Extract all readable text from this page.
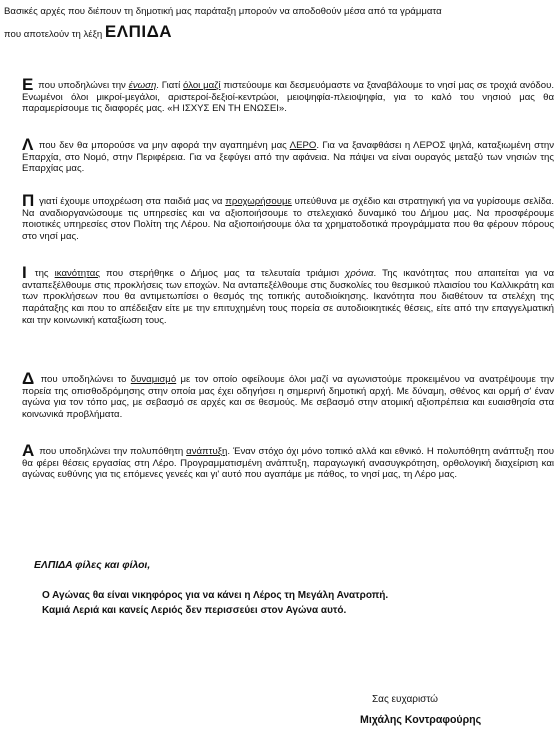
Βασικές αρχές που διέπουν τη δημοτική μας παράταξη μπορούν να αποδοθούν μέσα από τα γράμματα
που αποτελούν τη λέξη ΕΛΠΙΔΑ
Ε που υποδηλώνει την ένωση. Γιατί όλοι μαζί πιστεύουμε και δεσμευόμαστε να ξαναβάλουμε το νησί μας σε τροχιά ανόδου. Ενωμένοι όλοι μικροί-μεγάλοι, αριστεροί-δεξιοί-κεντρώοι, μειοψηφία-πλειοψηφία, για το καλό του νησιού μας θα παραμερίσουμε τις διαφορές μας. «Η ΙΣΧΥΣ ΕΝ ΤΗ ΕΝΩΣΕΙ».
Λ που δεν θα μπορούσε να μην αφορά την αγαπημένη μας ΛΕΡΟ. Για να ξαναφθάσει η ΛΕΡΟΣ ψηλά, καταξιωμένη στην Επαρχία, στο Νομό, στην Περιφέρεια. Για να ξεφύγει από την αφάνεια. Να πάψει να είναι ουραγός μεταξύ των νησιών της Επαρχίας μας.
Π γιατί έχουμε υποχρέωση στα παιδιά μας να προχωρήσουμε υπεύθυνα με σχέδιο και στρατηγική για να γυρίσουμε σελίδα. Να αναδιοργανώσουμε τις υπηρεσίες και να αξιοποιήσουμε το στελεχιακό δυναμικό του Δήμου μας. Να προσφέρουμε ποιοτικές υπηρεσίες στον Πολίτη της Λέρου. Να αξιοποιήσουμε όλα τα χρηματοδοτικά προγράμματα που θα φέρουν πόρους στο νησί μας.
Ι της ικανότητας που στερήθηκε ο Δήμος μας τα τελευταία τριάμισι χρόνια. Της ικανότητας που απαιτείται για να ανταπεξέλθουμε στις προκλήσεις των εποχών. Να ανταπεξέλθουμε στις δυσκολίες του θεσμικού πλαισίου του Καλλικράτη και των προκλήσεων που θα αντιμετωπίσει ο θεσμός της τοπικής αυτοδιοίκησης. Ικανότητα που διαθέτουν τα στελέχη της παράταξης και που το απέδειξαν είτε με την επιτυχημένη τους πορεία σε αυτοδιοικητικές θέσεις, είτε από την επαγγελματική και την κοινωνική καταξίωση τους.
Δ που υποδηλώνει το δυναμισμό με τον οποίο οφείλουμε όλοι μαζί να αγωνιστούμε προκειμένου να ανατρέψουμε την πορεία της οπισθοδρόμησης στην οποία μας έχει οδηγήσει η σημερινή δημοτική αρχή. Με δύναμη, σθένος και ορμή σ' έναν αγώνα για τον τόπο μας, με σεβασμό σε αρχές και σε θεσμούς. Με σεβασμό στην ατομική αξιοπρέπεια και ευαισθησία στα κοινωνικά προβλήματα.
Α που υποδηλώνει την πολυπόθητη ανάπτυξη. Έναν στόχο όχι μόνο τοπικό αλλά και εθνικό. Η πολυπόθητη ανάπτυξη που θα φέρει θέσεις εργασίας στη Λέρο. Προγραμματισμένη ανάπτυξη, παραγωγική ανασυγκρότηση, ορθολογική διαχείριση και αγώνας ευθύνης για τις επόμενες γενεές και γι' αυτό που αγαπάμε με πάθος, το νησί μας, τη Λέρο μας.
ΕΛΠΙΔΑ φίλες και φίλοι,
Ο Αγώνας θα είναι νικηφόρος για να κάνει η Λέρος τη Μεγάλη Ανατροπή.
Καμιά Λεριά και κανείς Λεριός δεν περισσεύει στον Αγώνα αυτό.
Σας ευχαριστώ
Μιχάλης Κοντραφούρης
